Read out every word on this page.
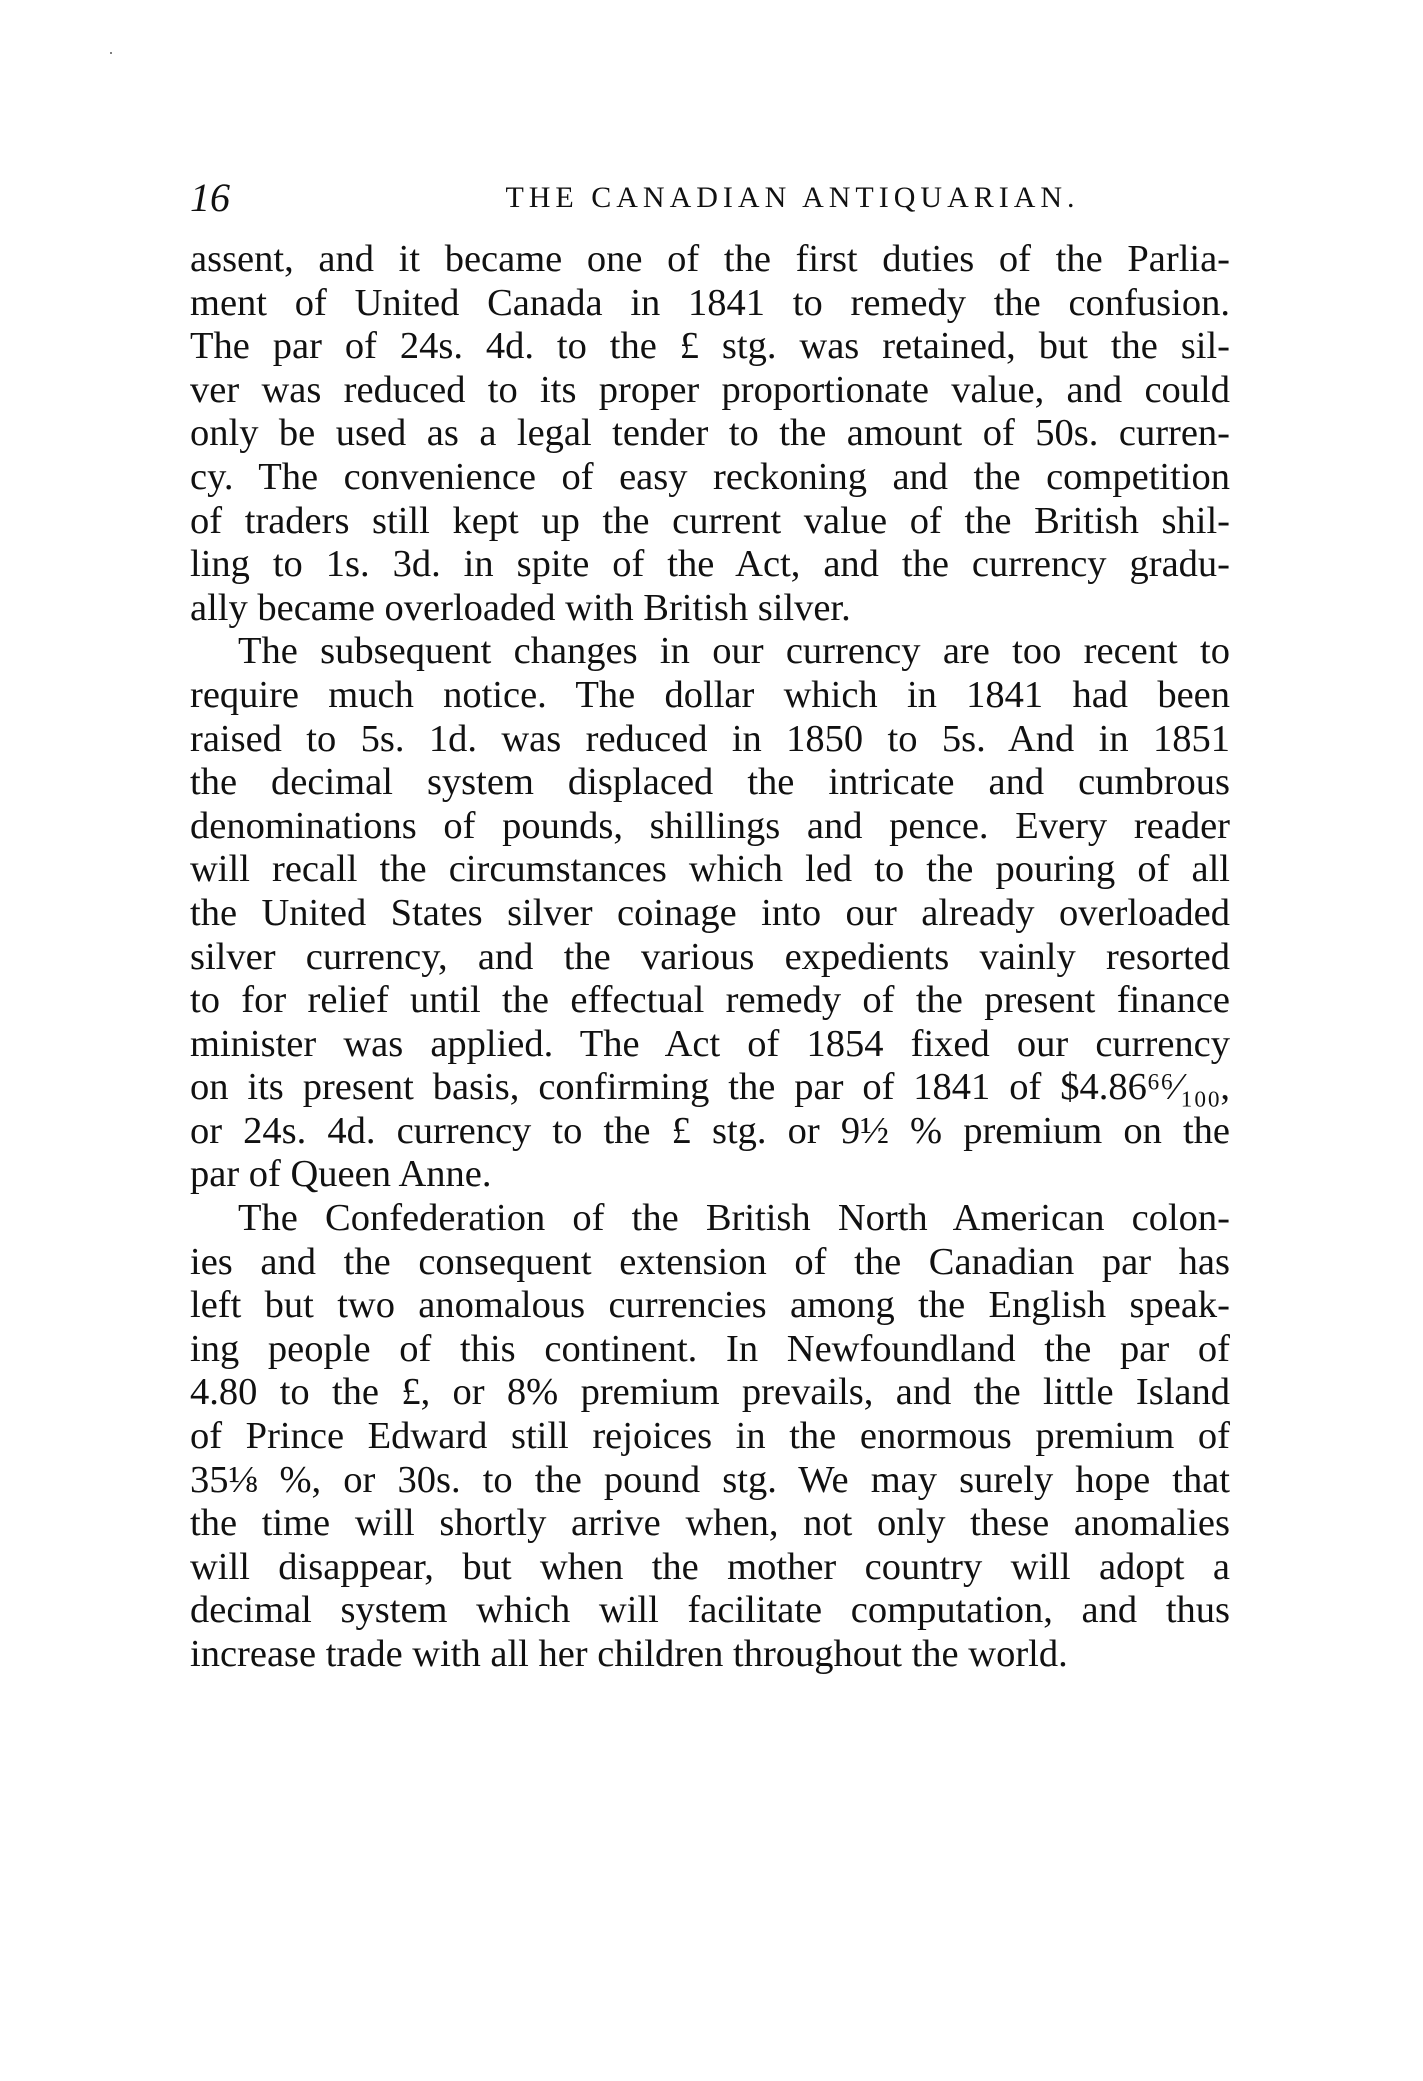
16	THE CANADIAN ANTIQUARIAN.

assent, and it became one of the first duties of the Parlia-
ment of United Canada in 1841 to remedy the confusion.
The par of 24s. 4d. to the £ stg. was retained, but the sil-
ver was reduced to its proper proportionate value, and could
only be used as a legal tender to the amount of 50s. curren-
cy. The convenience of easy reckoning and the competition
of traders still kept up the current value of the British shil-
ling to 1s. 3d. in spite of the Act, and the currency gradu-
ally became overloaded with British silver.

The subsequent changes in our currency are too recent to
require much notice. The dollar which in 1841 had been
raised to 5s. 1d. was reduced in 1850 to 5s. And in 1851
the decimal system displaced the intricate and cumbrous
denominations of pounds, shillings and pence. Every reader
will recall the circumstances which led to the pouring of all
the United States silver coinage into our already overloaded
silver currency, and the various expedients vainly resorted
to for relief until the effectual remedy of the present finance
minister was applied. The Act of 1854 fixed our currency
on its present basis, confirming the par of 1841 of $4.86⁶⁶⁄₁₀₀,
or 24s. 4d. currency to the £ stg. or 9½ % premium on the
par of Queen Anne.

The Confederation of the British North American colon-
ies and the consequent extension of the Canadian par has
left but two anomalous currencies among the English speak-
ing people of this continent. In Newfoundland the par of
4.80 to the £, or 8% premium prevails, and the little Island
of Prince Edward still rejoices in the enormous premium of
35⅛ %, or 30s. to the pound stg. We may surely hope that
the time will shortly arrive when, not only these anomalies
will disappear, but when the mother country will adopt a
decimal system which will facilitate computation, and thus
increase trade with all her children throughout the world.
